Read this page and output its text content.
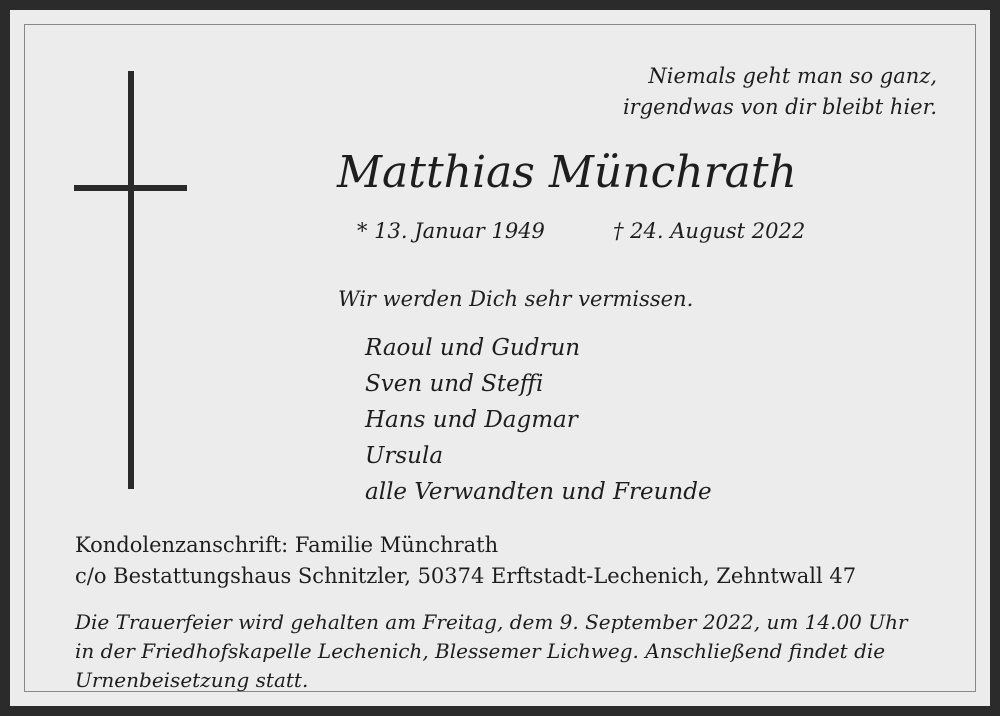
Niemals geht man so ganz,
irgendwas von dir bleibt hier.
Matthias Münchrath
* 13. Januar 1949	† 24. August 2022
Wir werden Dich sehr vermissen.
Raoul und Gudrun
Sven und Steffi
Hans und Dagmar
Ursula
alle Verwandten und Freunde
Kondolenzanschrift: Familie Münchrath
c/o Bestattungshaus Schnitzler, 50374 Erftstadt-Lechenich, Zehntwall 47
Die Trauerfeier wird gehalten am Freitag, dem 9. September 2022, um 14.00 Uhr
in der Friedhofskapelle Lechenich, Blessemer Lichweg. Anschließend findet die
Urnenbeisetzung statt.
